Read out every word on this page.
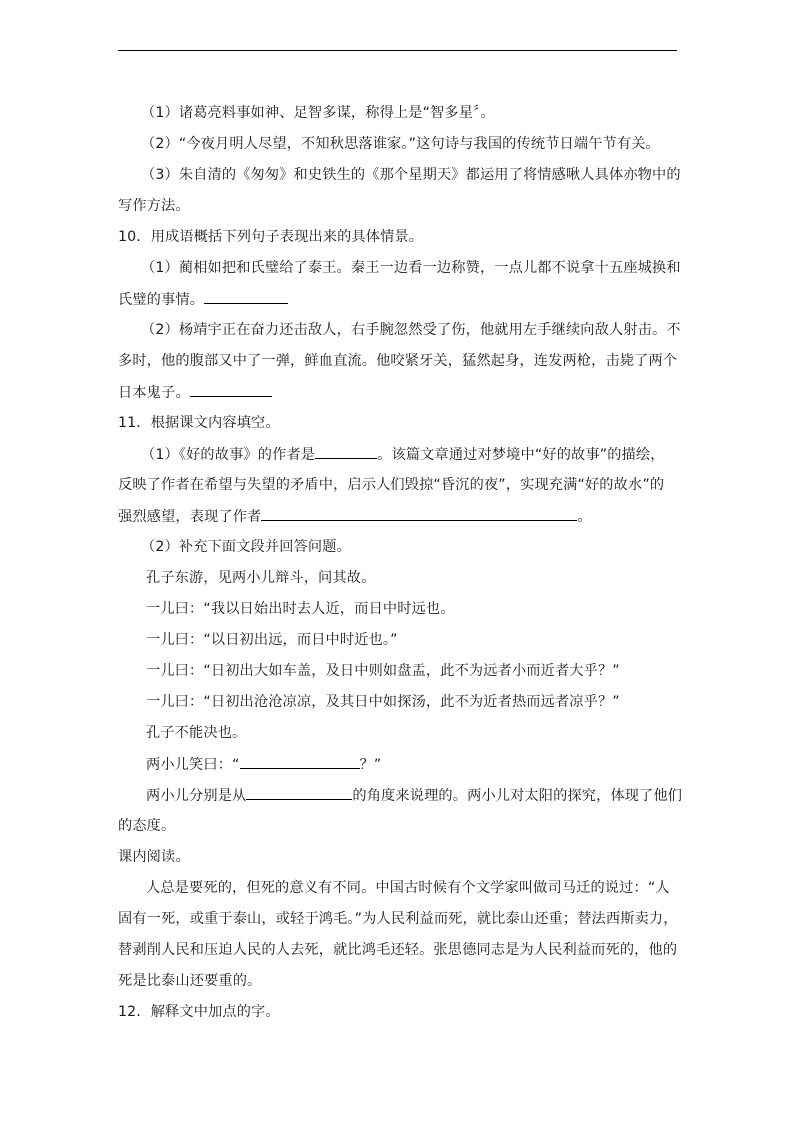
（1）诸葛亮料事如神、足智多谋，称得上是“智多星〞。
（2）“今夜月明人尽望，不知秋思落谁家。”这句诗与我国的传统节日端午节有关。
（3）朱自清的《匆匆》和史铁生的《那个星期天》都运用了将情感啾人具体亦物中的
写作方法。
10．用成语概括下列句子表现出来的具体情景。
（1）蔺相如把和氏璧给了泰王。秦王一边看一边称赞，一点儿都不说拿十五座城换和
氏璧的事情。
（2）杨靖宇正在奋力还击敌人，右手腕忽然受了伤，他就用左手继续向敌人射击。不
多时，他的腹部又中了一弹，鲜血直流。他咬紧牙关，猛然起身，连发两枪，击毙了两个
日本鬼子。
11．根据课文内容填空。
（1）《好的故事》的作者是	。该篇文章通过对梦境中“好的故事”的描绘，
反映了作者在希望与失望的矛盾中，启示人们毁掠“昏沉的夜”，实现充满“好的故水”的
强烈感望，表现了作者	。
（2）补充下面文段并回答问题。
孔子东游，见两小儿辩斗，问其故。
一儿曰：“我以日始出时去人近，而日中时远也。
一儿曰：“以日初出远，而日中时近也。”
一儿曰：“日初出大如车盖，及日中则如盘盂，此不为远者小而近者大乎？”
一儿曰：“日初出沧沧凉凉，及其日中如探汤，此不为近者热而远者凉乎？”
孔子不能决也。
两小儿笑曰：“	？”
两小儿分别是从	的角度来说理的。两小儿对太阳的探究，体现了他们
的态度。
课内阅读。
人总是要死的，但死的意义有不同。中国古时候有个文学家叫做司马迁的说过：“人
固有一死，或重于泰山，或轻于鸿毛。”为人民利益而死，就比泰山还重；替法西斯卖力，
替剥削人民和压迫人民的人去死，就比鸿毛还轻。张思德同志是为人民利益而死的，他的
死是比泰山还要重的。
12．解释文中加点的字。
